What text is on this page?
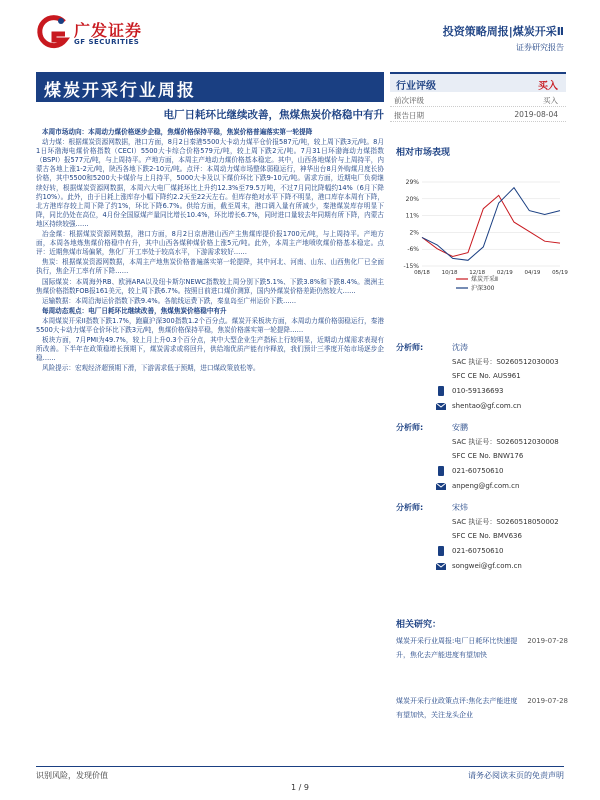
广发证券
GF SECURITIES
投资策略周报|煤炭开采Ⅱ
证券研究报告
煤炭开采行业周报
电厂日耗环比继续改善，焦煤焦炭价格稳中有升

本周市场动向：本周动力煤价格逐步企稳，焦煤价格保持平稳，焦炭价格普遍落实第一轮提降

动力煤：根据煤炭资源网数据，港口方面，8月2日秦港5500大卡动力煤平仓价报587元/吨，较上周下跌3元/吨。8月1日环渤海电煤价格指数（CECI）5500大卡综合价格579元/吨，较上周下跌2元/吨。7月31日环渤海动力煤指数（BSPI）报577元/吨，与上周持平。产地方面，本周主产地动力煤价格基本稳定。其中，山西各地煤价与上周持平，内蒙古各地上涨1-2元/吨，陕西各地下跌2-10元/吨。点评：本周动力煤市场整体弱稳运行，神华出台8月外购煤月度长协价格，其中5500和5200大卡煤价与上月持平，5000大卡及以下煤价环比下跌9-10元/吨。需求方面，近期电厂负荷继续好转，根据煤炭资源网数据，本周六大电厂煤耗环比上升约12.3%至79.5万吨，不过7月同比降幅约14%（6月下降约10%）。此外，由于日耗上涨库存小幅下降约2.2天至22天左右。但库存绝对水平下降不明显，港口库存本周有下降，北方港库存较上周下降了约1%，环比下降6.7%。供给方面，截至周末，港口调入量有所减少，秦港煤炭库存明显下降，同比仍处在高位，4月份全国原煤产量同比增长10.4%，环比增长6.7%，同时进口量较去年同期有所下降，内蒙古地区持续较强……

冶金煤：根据煤炭资源网数据，港口方面，8月2日京唐港山西产主焦煤库提价报1700元/吨，与上周持平。产地方面，本周各地炼焦煤价格稳中有升，其中山西各煤种煤价格上涨5元/吨。此外，本周主产地喷吹煤价格基本稳定。点评：近期焦煤市场偏紧，焦化厂开工率处于较高水平，下游需求较好……

焦炭：根据煤炭资源网数据，本周主产地焦炭价格普遍落实第一轮提降，其中河北、河南、山东、山西焦化厂已全面执行，焦企开工率有所下降……

国际煤炭：本周海外RB、欧洲ARA以及纽卡斯尔NEWC指数较上周分别下跌5.1%、下跌3.8%和下跌8.4%。澳洲主焦煤价格指数FOB报161美元，较上周下跌6.7%。按照目前进口煤价测算，国内外煤炭价格差距仍然较大……

运输数据：本周沿海运价指数下跌9.4%。各航线运费下跌，秦皇岛至广州运价下跌……

每周动态观点：电厂日耗环比继续改善，焦煤焦炭价格稳中有升

本周煤炭开采II指数下跌1.7%，跑赢沪深300指数1.2个百分点。煤炭开采板块方面，本周动力煤价格弱稳运行，秦港5500大卡动力煤平仓价环比下跌3元/吨，焦煤价格保持平稳，焦炭价格落实第一轮提降……

板块方面，7月PMI为49.7%，较上月上升0.3个百分点，其中大型企业生产指标上行较明显，近期动力煤需求表现有所改善。下半年在政策稳增长预期下，煤炭需求或将回升，供给端优质产能有序释放，我们预计三季度开始市场逐步企稳……

风险提示：宏观经济超预期下滑，下游需求低于预期，进口煤政策放松等。

行业评级	买入
前次评级	买入
报告日期	2019-08-04
相对市场表现
29%
20%
11%
2%
-6%
-15%
08/18 10/18 12/18 02/19 04/19 05/19
煤炭开采Ⅱ
沪深300
分析师:	沈涛
SAC 执证号：S0260512030003
SFC CE No. AUS961
010-59136693
shentao@gf.com.cn
分析师:	安鹏
SAC 执证号：S0260512030008
SFC CE No. BNW176
021-60750610
anpeng@gf.com.cn
分析师:	宋炜
SAC 执证号：S0260518050002
SFC CE No. BMV636
021-60750610
songwei@gf.com.cn
相关研究：
煤炭开采行业周报:电厂日耗环比快速提升，焦化去产能进度有望加快
2019-07-28
煤炭开采行业政策点评:焦化去产能进度有望加快，关注龙头企业
2019-07-28
识别风险，发现价值	请务必阅读末页的免责声明
1 / 9
